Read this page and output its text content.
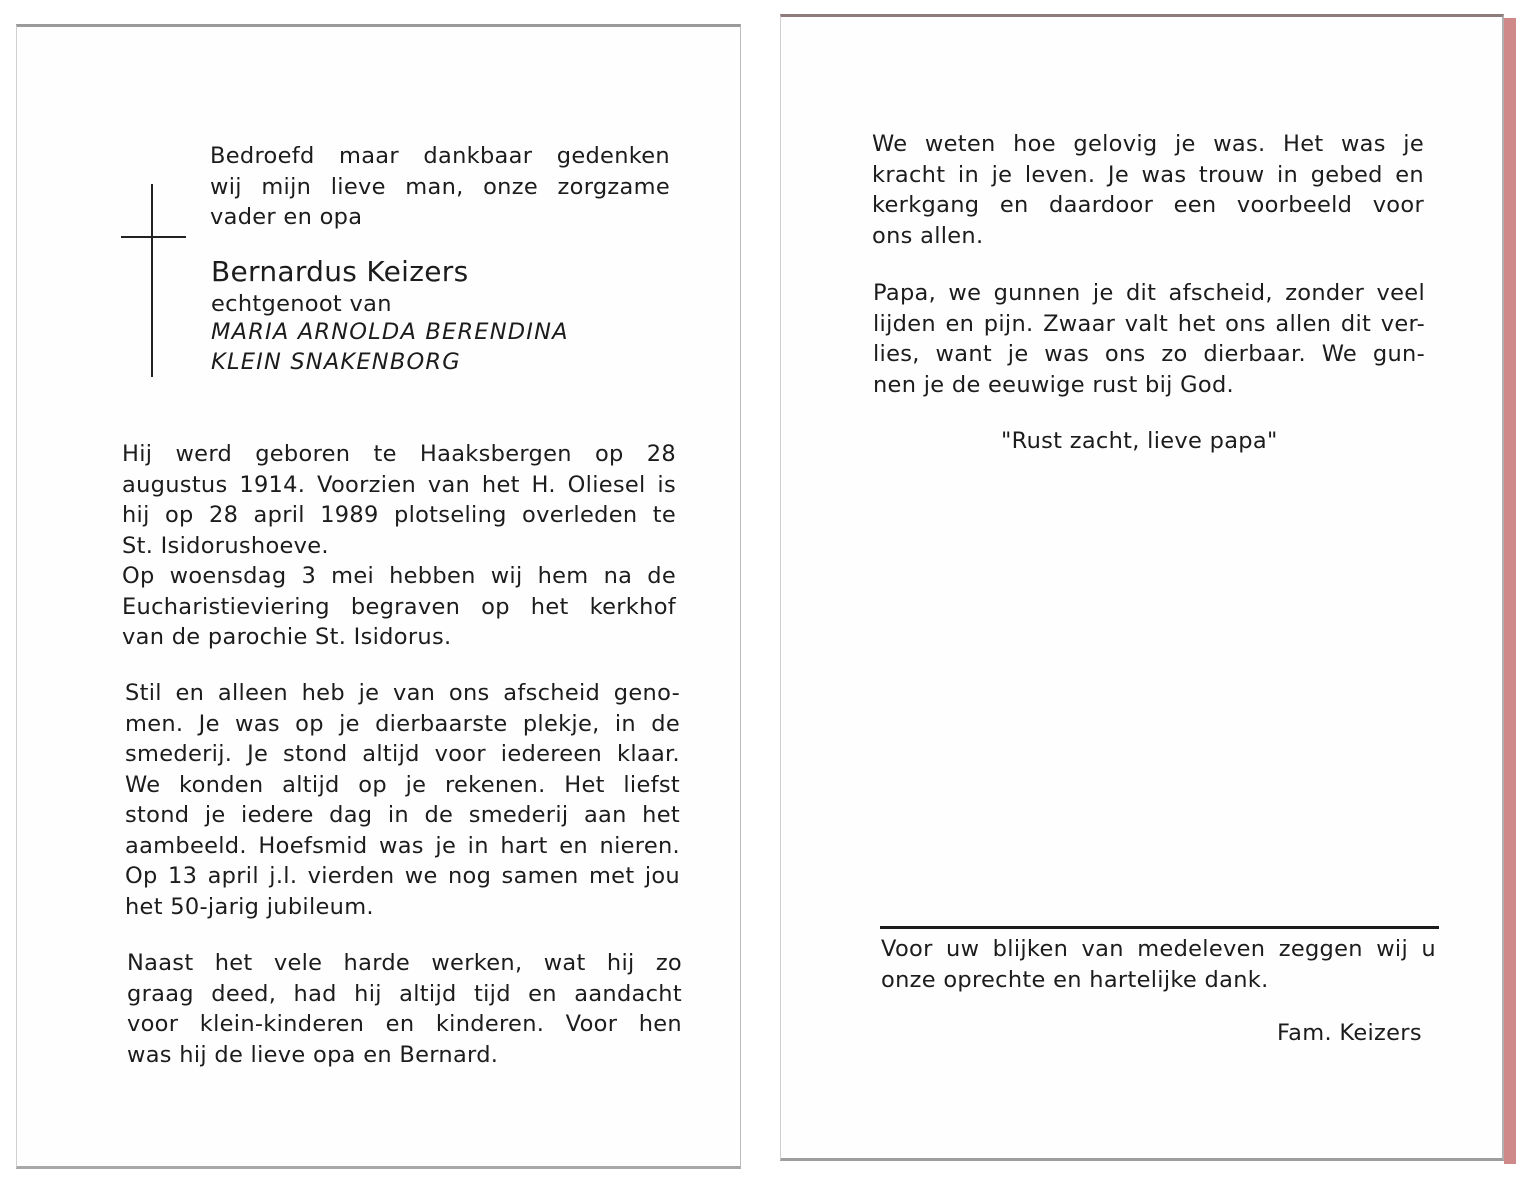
Bedroefd maar dankbaar gedenken

wij mijn lieve man, onze zorgzame

vader en opa

Bernardus Keizers
echtgenoot van
MARIA ARNOLDA BERENDINA
KLEIN SNAKENBORG

Hij werd geboren te Haaksbergen op 28

augustus 1914. Voorzien van het H. Oliesel is

hij op 28 april 1989 plotseling overleden te

St. Isidorushoeve.

Op woensdag 3 mei hebben wij hem na de

Eucharistieviering begraven op het kerkhof

van de parochie St. Isidorus.

Stil en alleen heb je van ons afscheid geno-

men. Je was op je dierbaarste plekje, in de

smederij. Je stond altijd voor iedereen klaar.

We konden altijd op je rekenen. Het liefst

stond je iedere dag in de smederij aan het

aambeeld. Hoefsmid was je in hart en nieren.

Op 13 april j.l. vierden we nog samen met jou

het 50-jarig jubileum.

Naast het vele harde werken, wat hij zo

graag deed, had hij altijd tijd en aandacht

voor klein-kinderen en kinderen. Voor hen

was hij de lieve opa en Bernard.

We weten hoe gelovig je was. Het was je

kracht in je leven. Je was trouw in gebed en

kerkgang en daardoor een voorbeeld voor

ons allen.

Papa, we gunnen je dit afscheid, zonder veel

lijden en pijn. Zwaar valt het ons allen dit ver-

lies, want je was ons zo dierbaar. We gun-

nen je de eeuwige rust bij God.

"Rust zacht, lieve papa"

Voor uw blijken van medeleven zeggen wij u

onze oprechte en hartelijke dank.

Fam. Keizers
